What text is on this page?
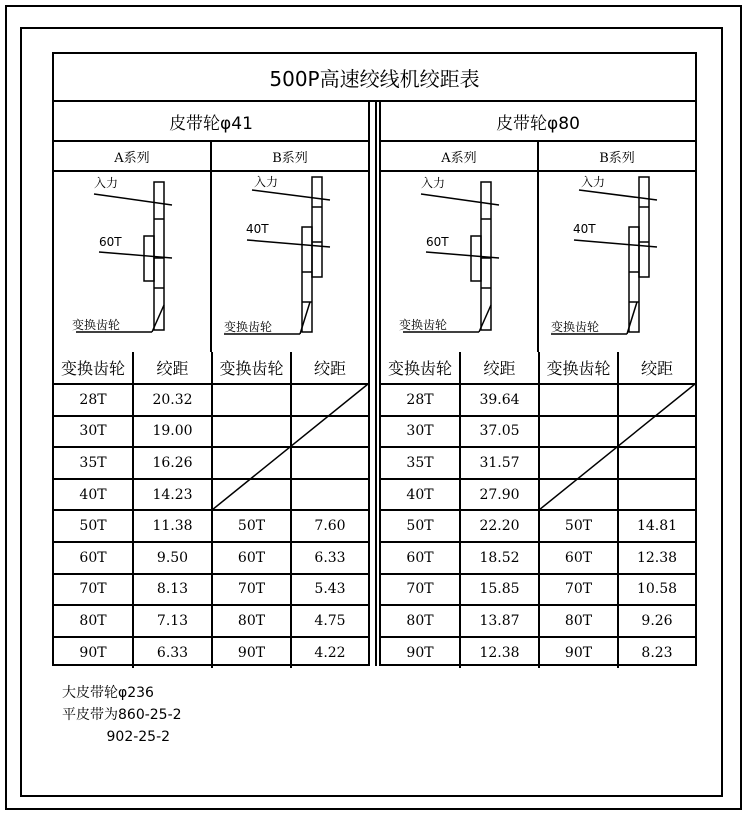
500P高速绞线机绞距表
皮带轮φ41
A系列	B系列
入力
60T
变换齿轮
入力
40T
变换齿轮
变换齿轮	绞距	变换齿轮	绞距
28T	20.32		
30T	19.00		
35T	16.26		
40T	14.23		
50T	11.38	50T	7.60
60T	9.50	60T	6.33
70T	8.13	70T	5.43
80T	7.13	80T	4.75
90T	6.33	90T	4.22
皮带轮φ80
A系列	B系列
入力
60T
变换齿轮
入力
40T
变换齿轮
变换齿轮	绞距	变换齿轮	绞距
28T	39.64		
30T	37.05		
35T	31.57		
40T	27.90		
50T	22.20	50T	14.81
60T	18.52	60T	12.38
70T	15.85	70T	10.58
80T	13.87	80T	9.26
90T	12.38	90T	8.23
大皮带轮φ236
平皮带为860-25-2
902-25-2
